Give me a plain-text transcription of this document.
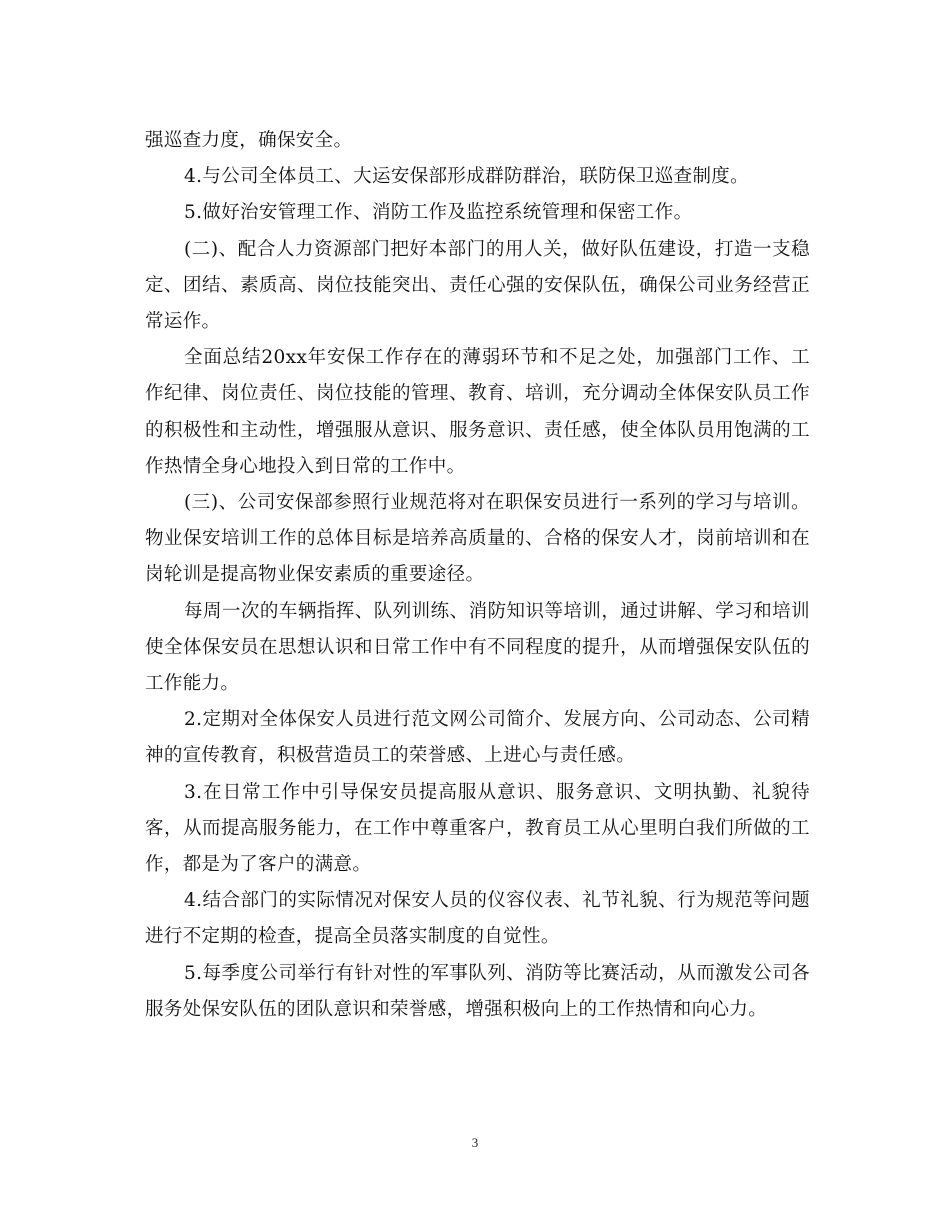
强巡查力度，确保安全。

4.与公司全体员工、大运安保部形成群防群治，联防保卫巡查制度。

5.做好治安管理工作、消防工作及监控系统管理和保密工作。

(二)、配合人力资源部门把好本部门的用人关，做好队伍建设，打造一支稳定、团结、素质高、岗位技能突出、责任心强的安保队伍，确保公司业务经营正常运作。

全面总结20xx年安保工作存在的薄弱环节和不足之处，加强部门工作、工作纪律、岗位责任、岗位技能的管理、教育、培训，充分调动全体保安队员工作的积极性和主动性，增强服从意识、服务意识、责任感，使全体队员用饱满的工作热情全身心地投入到日常的工作中。

(三)、公司安保部参照行业规范将对在职保安员进行一系列的学习与培训。物业保安培训工作的总体目标是培养高质量的、合格的保安人才，岗前培训和在岗轮训是提高物业保安素质的重要途径。

每周一次的车辆指挥、队列训练、消防知识等培训，通过讲解、学习和培训使全体保安员在思想认识和日常工作中有不同程度的提升，从而增强保安队伍的工作能力。

2.定期对全体保安人员进行范文网公司简介、发展方向、公司动态、公司精神的宣传教育，积极营造员工的荣誉感、上进心与责任感。

3.在日常工作中引导保安员提高服从意识、服务意识、文明执勤、礼貌待客，从而提高服务能力，在工作中尊重客户，教育员工从心里明白我们所做的工作，都是为了客户的满意。

4.结合部门的实际情况对保安人员的仪容仪表、礼节礼貌、行为规范等问题进行不定期的检查，提高全员落实制度的自觉性。

5.每季度公司举行有针对性的军事队列、消防等比赛活动，从而激发公司各服务处保安队伍的团队意识和荣誉感，增强积极向上的工作热情和向心力。

3
